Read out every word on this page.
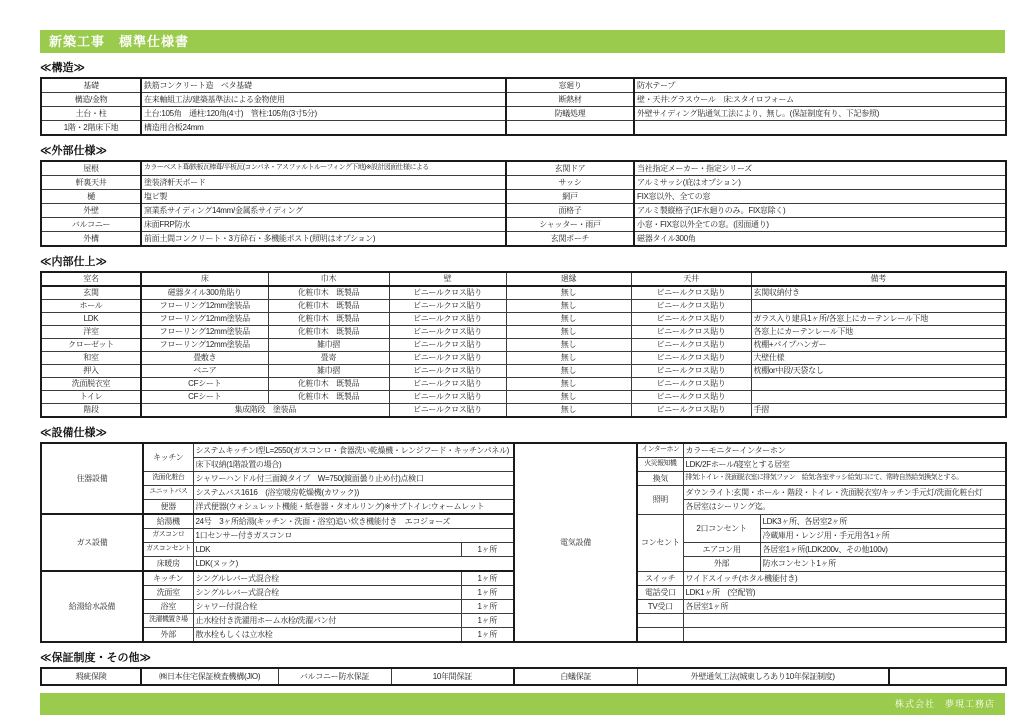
新築工事　標準仕様書
≪構造≫
基礎	鉄筋コンクリート造　ベタ基礎	窓廻り	防水テープ
構造/金物	在来軸組工法/建築基準法による金物使用	断熱材	壁・天井:グラスウール　床:スタイロフォーム
土台・柱	土台:105角　通柱:120角(4寸)　管柱:105角(3寸5分)	防蟻処理	外壁サイディング貼通気工法により、無し。(保証制度有り、下記参照)
1階・2階床下地	構造用合板24mm		
≪外部仕様≫
屋根	カラーベスト葺/鉄板瓦棒葺/平板瓦(コンパネ・アスファルトルーフィング下地)※設計図面仕様による	玄関ドア	当社指定メーカー・指定シリーズ
軒裏天井	塗装済軒天ボード	サッシ	アルミサッシ(庇はオプション)
樋	塩ビ製	網戸	FIX窓以外、全ての窓
外壁	窯業系サイディング14mm/金属系サイディング	面格子	アルミ製縦格子(1F水廻りのみ。FIX窓除く)
バルコニー	床面FRP防水	シャッター・雨戸	小窓・FIX窓以外全ての窓。(図面通り)
外構	前面土間コンクリート・3方砕石・多機能ポスト(照明はオプション)	玄関ポーチ	磁器タイル300角
≪内部仕上≫
室名	床	巾木	壁	廻縁	天井	備考
玄関	磁器タイル300角貼り	化粧巾木　既製品	ビニールクロス貼り	無し	ビニールクロス貼り	玄関収納付き
ホール	フローリング12mm塗装品	化粧巾木　既製品	ビニールクロス貼り	無し	ビニールクロス貼り	
LDK	フローリング12mm塗装品	化粧巾木　既製品	ビニールクロス貼り	無し	ビニールクロス貼り	ガラス入り建具1ヶ所/各窓上にカーテンレール下地
洋室	フローリング12mm塗装品	化粧巾木　既製品	ビニールクロス貼り	無し	ビニールクロス貼り	各窓上にカーテンレール下地
クローゼット	フローリング12mm塗装品	雑巾摺	ビニールクロス貼り	無し	ビニールクロス貼り	枕棚+パイプハンガー
和室	畳敷き	畳寄	ビニールクロス貼り	無し	ビニールクロス貼り	大壁仕様
押入	ベニア	雑巾摺	ビニールクロス貼り	無し	ビニールクロス貼り	枕棚or中段/天袋なし
洗面脱衣室	CFシート	化粧巾木　既製品	ビニールクロス貼り	無し	ビニールクロス貼り	
トイレ	CFシート	化粧巾木　既製品	ビニールクロス貼り	無し	ビニールクロス貼り	
階段	集成階段　塗装品		ビニールクロス貼り	無し	ビニールクロス貼り	手摺
≪設備仕様≫
住器設備	キッチン	システムキッチンI型L=2550(ガスコンロ・食器洗い乾燥機・レンジフード・キッチンパネル)		電気設備	インターホン	カラーモニターインターホン	
		床下収納(1階設置の場合)			火災報知機	LDK/2Fホール/寝室とする居室	
	洗面化粧台	シャワーハンドル付三面鏡タイプ　W=750(鏡面曇り止め付)点検口			換気	排気:トイレ・洗面脱衣室に排気ファン　給気:各室サッシ給気口にて、常時自然給気換気とする。	
	ユニットバス	システムバス1616　(浴室暖房乾燥機(カワック))			照明	ダウンライト:玄関・ホール・階段・トイレ・洗面脱衣室/キッチン手元灯/洗面化粧台灯	
	便器	洋式便器(ウォシュレット機能・紙巻器・タオルリング)※サブトイレ:ウォームレット				各居室はシーリング迄。	
ガス設備	給湯機	24号　3ヶ所給湯(キッチン・洗面・浴室)追い炊き機能付き　エコジョーズ			コンセント	2口コンセント	LDK3ヶ所、各居室2ヶ所
	ガスコンロ	1口センサー付きガスコンロ					冷蔵庫用・レンジ用・手元用各1ヶ所
	ガスコンセント	LDK	1ヶ所			エアコン用	各居室1ヶ所(LDK200v、その他100v)
	床暖房	LDK(ヌック)				外部	防水コンセント1ヶ所
給湯給水設備	キッチン	シングルレバー式混合栓	1ヶ所		スイッチ	ワイドスイッチ(ホタル機能付き)	
	洗面室	シングルレバー式混合栓	1ヶ所		電話受口	LDK1ヶ所　(空配管)	
	浴室	シャワー付混合栓	1ヶ所		TV受口	各居室1ヶ所	
	洗濯機置き場	止水栓付き洗濯用ホーム水栓/洗濯パン付	1ヶ所				
	外部	散水栓もしくは立水栓	1ヶ所				
≪保証制度・その他≫
瑕疵保険	㈱日本住宅保証検査機構(JIO)	バルコニー防水保証	10年間保証	白蟻保証	外壁通気工法(城東しろあり10年保証制度)	
株式会社　夢現工務店
